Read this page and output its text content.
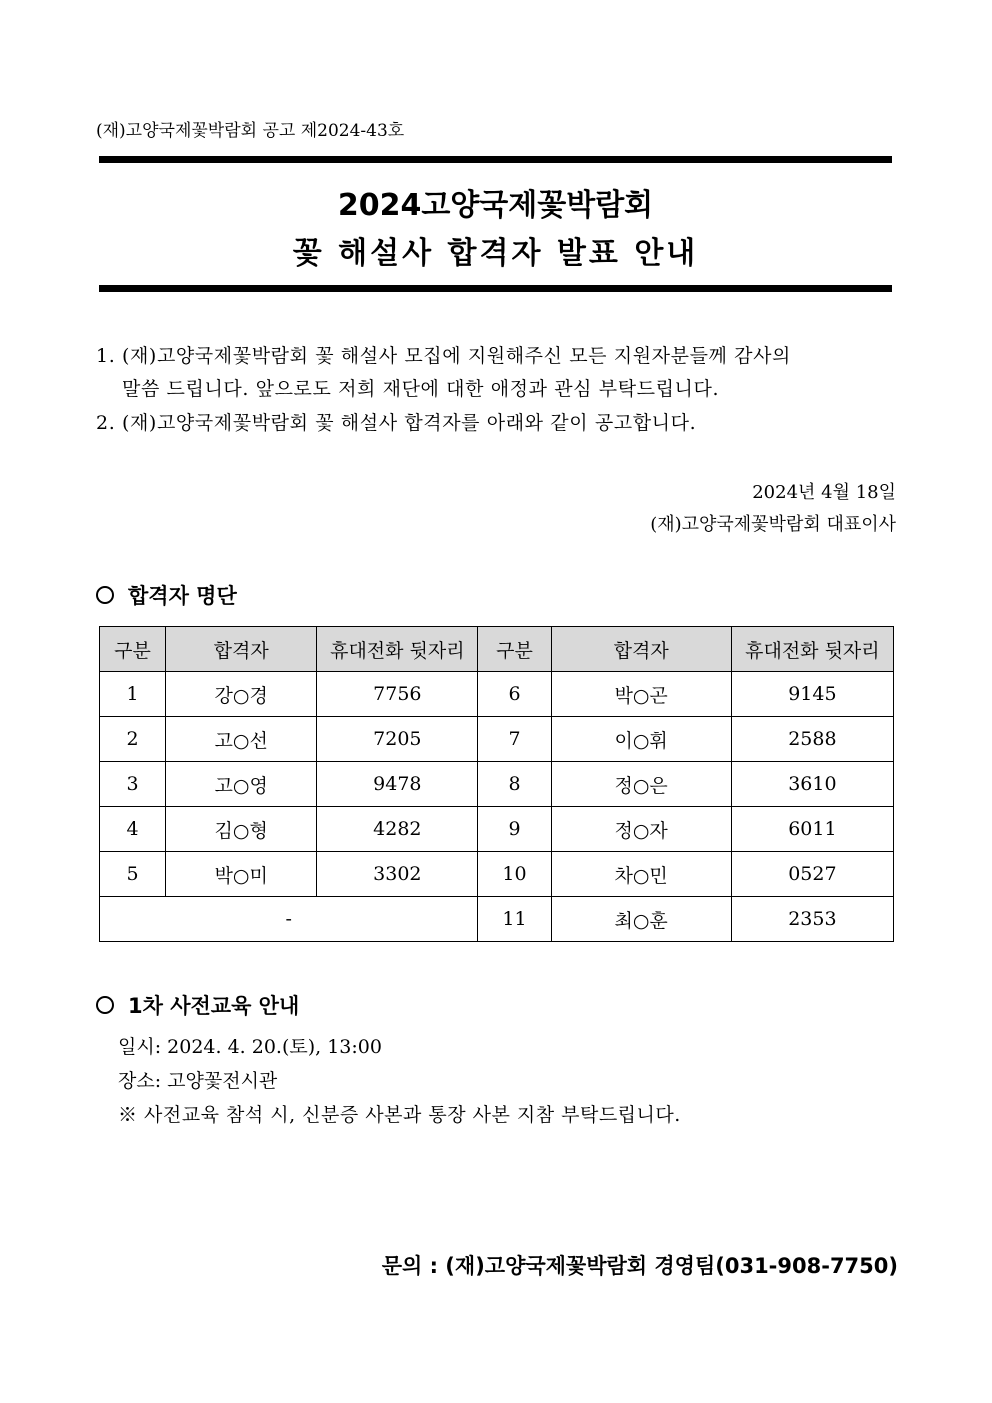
(재)고양국제꽃박람회 공고 제2024-43호
2024고양국제꽃박람회
꽃 해설사 합격자 발표 안내
1. (재)고양국제꽃박람회 꽃 해설사 모집에 지원해주신 모든 지원자분들께 감사의
말씀 드립니다. 앞으로도 저희 재단에 대한 애정과 관심 부탁드립니다.
2. (재)고양국제꽃박람회 꽃 해설사 합격자를 아래와 같이 공고합니다.
2024년 4월 18일
(재)고양국제꽃박람회 대표이사
합격자 명단
구분	합격자	휴대전화 뒷자리	구분	합격자	휴대전화 뒷자리
1	강○경	7756	6	박○곤	9145
2	고○선	7205	7	이○휘	2588
3	고○영	9478	8	정○은	3610
4	김○형	4282	9	정○자	6011
5	박○미	3302	10	차○민	0527
-			11	최○훈	2353
1차 사전교육 안내
일시: 2024. 4. 20.(토), 13:00
장소: 고양꽃전시관
※ 사전교육 참석 시, 신분증 사본과 통장 사본 지참 부탁드립니다.
문의 : (재)고양국제꽃박람회 경영팀(031-908-7750)
